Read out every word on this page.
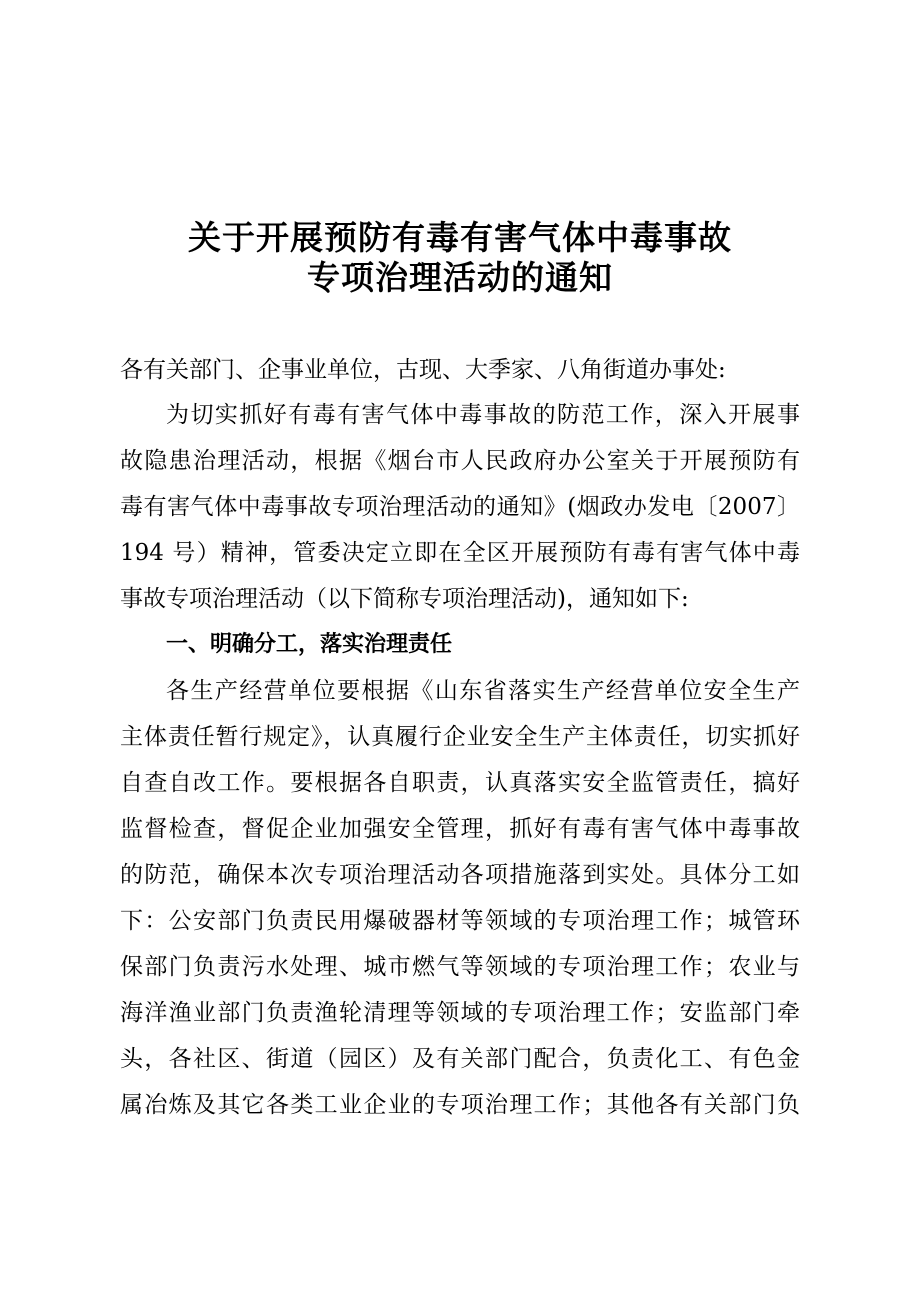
关于开展预防有毒有害气体中毒事故
专项治理活动的通知
各有关部门、企事业单位，古现、大季家、八角街道办事处:
为切实抓好有毒有害气体中毒事故的防范工作，深入开展事
故隐患治理活动，根据《烟台市人民政府办公室关于开展预防有
毒有害气体中毒事故专项治理活动的通知》(烟政办发电〔2007〕
194 号）精神，管委决定立即在全区开展预防有毒有害气体中毒
事故专项治理活动（以下简称专项治理活动)，通知如下:
一、明确分工，落实治理责任
各生产经营单位要根据《山东省落实生产经营单位安全生产
主体责任暂行规定》，认真履行企业安全生产主体责任，切实抓好
自查自改工作。要根据各自职责，认真落实安全监管责任，搞好
监督检查，督促企业加强安全管理，抓好有毒有害气体中毒事故
的防范，确保本次专项治理活动各项措施落到实处。具体分工如
下：公安部门负责民用爆破器材等领域的专项治理工作；城管环
保部门负责污水处理、城市燃气等领域的专项治理工作；农业与
海洋渔业部门负责渔轮清理等领域的专项治理工作；安监部门牵
头，各社区、街道（园区）及有关部门配合，负责化工、有色金
属冶炼及其它各类工业企业的专项治理工作；其他各有关部门负
